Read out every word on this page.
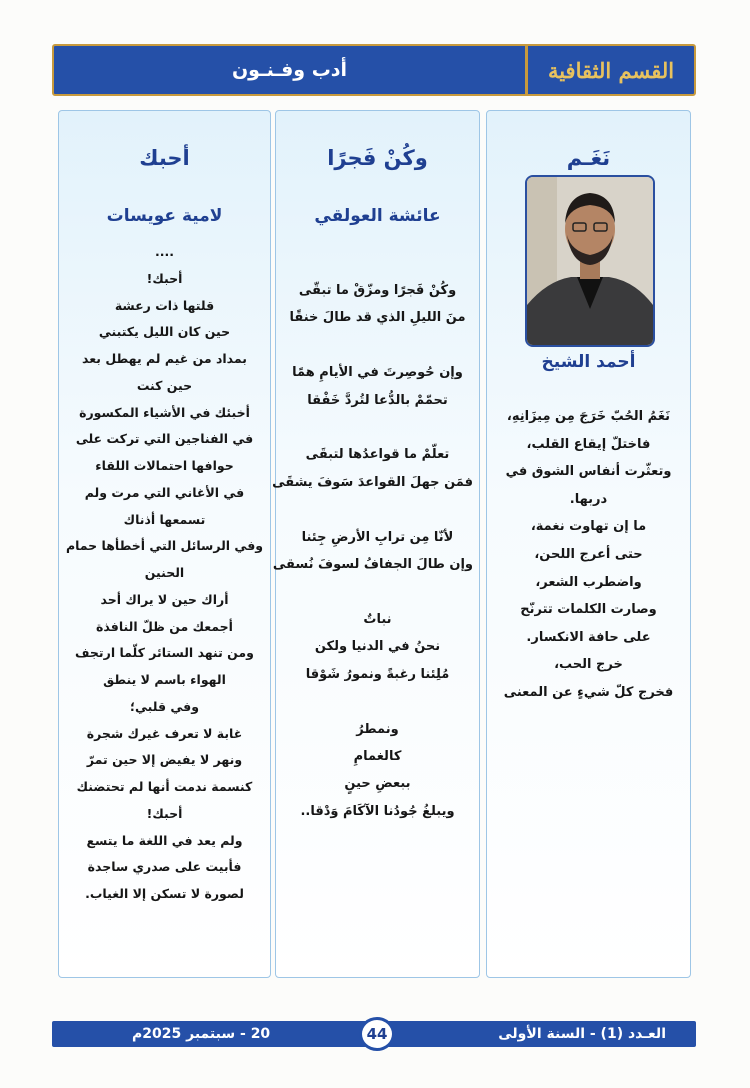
القسم الثقافية
أدب وفـنـون
نَغَـم
أحمد الشيخ
نَغَمُ الحُبّ خَرَجَ مِن مِيزَانِهِ،
فاختلّ إيقاع القلب،
وتعثّرت أنفاس الشوق في
دربها.
ما إن تهاوت نغمة،
حتى أعرج اللحن،
واضطرب الشعر،
وصارت الكلمات تترنّح
على حافة الانكسار.
خرج الحب،
فخرج كلّ شيءٍ عن المعنى
وكُنْ فَجرًا
عائشة العولقي
وكُنْ فَجرًا ومزّقْ ما تبقّى
منَ الليلِ الذي قد طالَ خنقًا

وإن حُوصِرتَ في الأيامِ همًا
تحمّمْ بالدُّعا لتُردَّ خَفْقا

تعلّمْ ما قواعدُها لتبقَى
فمَن جهلَ القواعدَ سَوفَ يشقَى

لأنّا مِن ترابِ الأرضِ جِئنا
وإن طالَ الجفافُ لسوفَ نُسقى

نباتٌ
نحنُ في الدنيا ولكن
مُلِئنا رغبةً ونمورُ شَوْقا

ونمطرُ
كالغمامِ
ببعضِ حينٍ
ويبلغُ جُودُنا الآكَامَ وَدْقا..
أحبك
لامية عويسات
....
أحبك!
قلتها ذات رعشة
حين كان الليل يكتبني
بمداد من غيم لم يهطل بعد
حين كنت
أخبئك في الأشياء المكسورة
في الفناجين التي تركت على
حوافها احتمالات اللقاء
في الأغاني التي مرت ولم
تسمعها أذناك
وفي الرسائل التي أخطأها حمام
الحنين
أراك حين لا يراك أحد
أجمعك من ظلّ النافذة
ومن تنهد الستائر كلّما ارتجف
الهواء باسم لا ينطق
وفي قلبي؛
غابة لا تعرف غيرك شجرة
ونهر لا يفيض إلا حين تمرّ
كنسمة ندمت أنها لم تحتضنك
أحبك!
ولم يعد في اللغة ما يتسع
فأبيت على صدري ساجدة
لصورة لا تسكن إلا الغياب.
العـدد (1) - السنة الأولى
20 - سبتمبر 2025م	44
